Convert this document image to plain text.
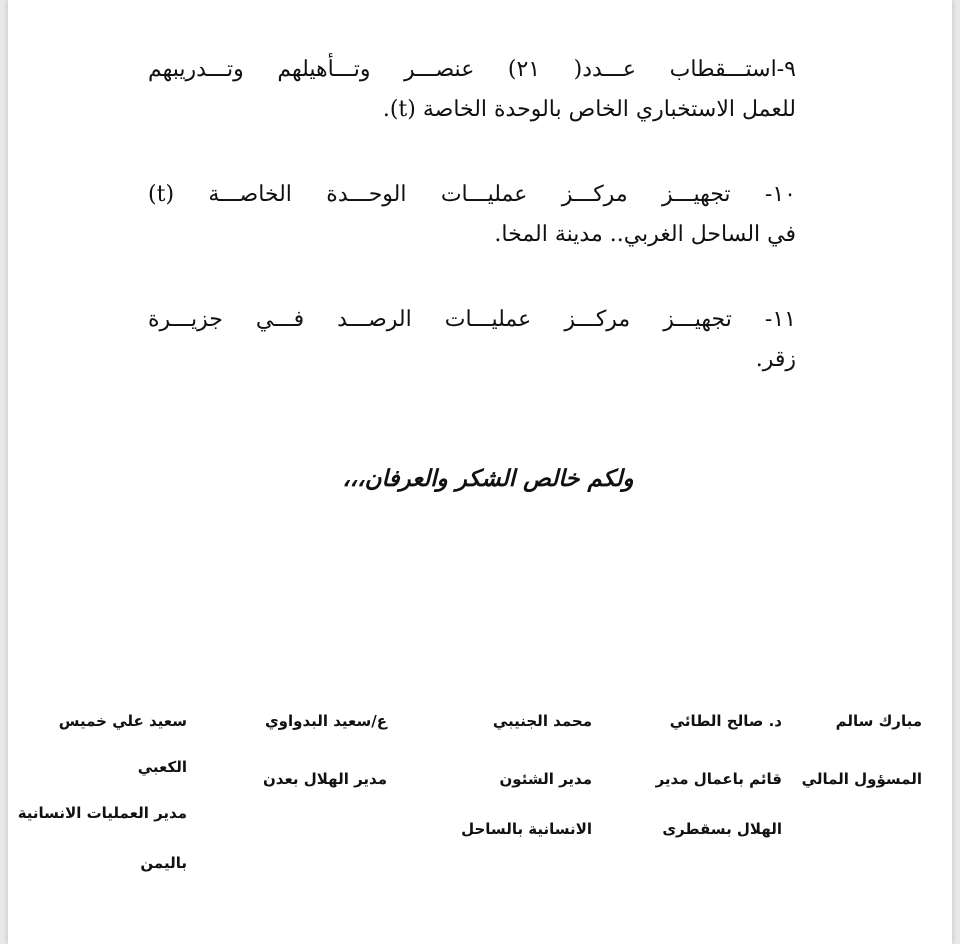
٩-استـــقطاب عـــدد( ٢١) عنصـــر وتـــأهيلهم وتـــدريبهم
للعمل الاستخباري الخاص بالوحدة الخاصة (t).
١٠- تجهيـــز مركـــز عمليـــات الوحـــدة الخاصـــة (t)
في الساحل الغربي.. مدينة المخا.
١١- تجهيـــز مركـــز عمليـــات الرصـــد فـــي جزيـــرة
زقر.
ولكم خالص الشكر والعرفان،،،
مبارك سالم
المسؤول المالي
د. صالح الطائي
قائم باعمال مدير
الهلال بسقطرى
محمد الجنيبي
مدير الشئون
الانسانية بالساحل
ع/سعيد البدواوي
مدير الهلال بعدن
سعيد علي خميس
الكعبي
مدير العمليات الانسانية
باليمن
